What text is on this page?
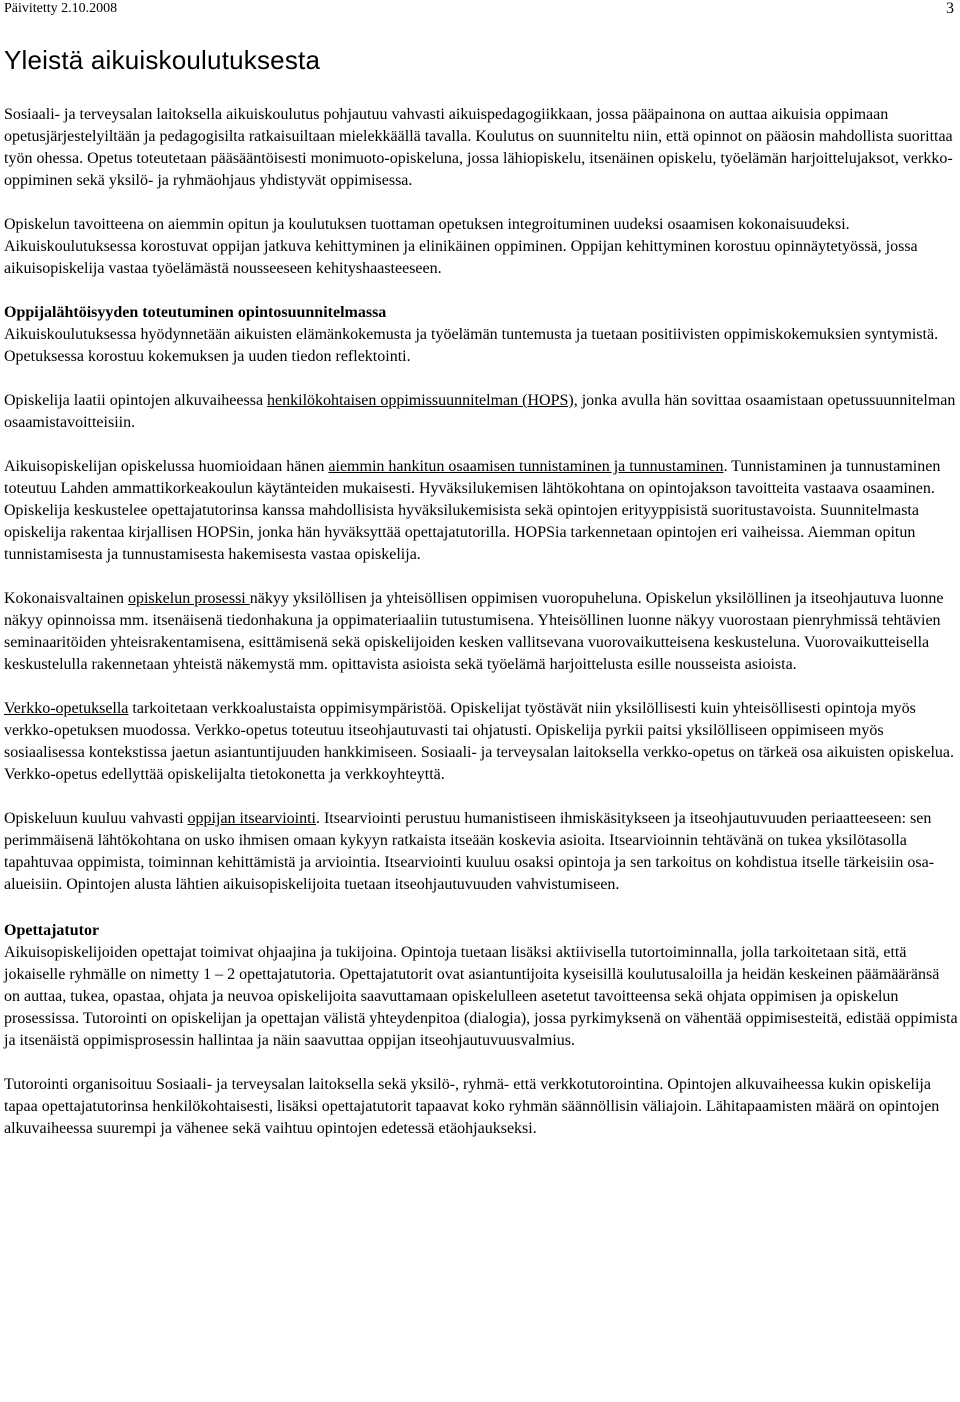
Päivitetty 2.10.2008	3
Yleistä aikuiskoulutuksesta

Sosiaali- ja terveysalan laitoksella aikuiskoulutus pohjautuu vahvasti aikuispedagogiikkaan, jossa pääpainona on auttaa aikuisia oppimaan opetusjärjestelyiltään ja pedagogisilta ratkaisuiltaan mielekkäällä tavalla. Koulutus on suunniteltu niin, että opinnot on pääosin mahdollista suorittaa työn ohessa. Opetus toteutetaan pääsääntöisesti monimuoto-opiskeluna, jossa lähiopiskelu, itsenäinen opiskelu, työelämän harjoittelujaksot, verkko-oppiminen sekä yksilö- ja ryhmäohjaus yhdistyvät oppimisessa.

Opiskelun tavoitteena on aiemmin opitun ja koulutuksen tuottaman opetuksen integroituminen uudeksi osaamisen kokonaisuudeksi. Aikuiskoulutuksessa korostuvat oppijan jatkuva kehittyminen ja elinikäinen oppiminen. Oppijan kehittyminen korostuu opinnäytetyössä, jossa aikuisopiskelija vastaa työelämästä nousseeseen kehityshaasteeseen.

Oppijalähtöisyyden toteutuminen opintosuunnitelmassa
Aikuiskoulutuksessa hyödynnetään aikuisten elämänkokemusta ja työelämän tuntemusta ja tuetaan positiivisten oppimiskokemuksien syntymistä. Opetuksessa korostuu kokemuksen ja uuden tiedon reflektointi.

Opiskelija laatii opintojen alkuvaiheessa henkilökohtaisen oppimissuunnitelman (HOPS), jonka avulla hän sovittaa osaamistaan opetussuunnitelman osaamistavoitteisiin.

Aikuisopiskelijan opiskelussa huomioidaan hänen aiemmin hankitun osaamisen tunnistaminen ja tunnustaminen. Tunnistaminen ja tunnustaminen toteutuu Lahden ammattikorkeakoulun käytänteiden mukaisesti. Hyväksilukemisen lähtökohtana on opintojakson tavoitteita vastaava osaaminen. Opiskelija keskustelee opettajatutorinsa kanssa mahdollisista hyväksilukemisista sekä opintojen erityyppisistä suoritustavoista. Suunnitelmasta opiskelija rakentaa kirjallisen HOPSin, jonka hän hyväksyttää opettajatutorilla. HOPSia tarkennetaan opintojen eri vaiheissa. Aiemman opitun tunnistamisesta ja tunnustamisesta hakemisesta vastaa opiskelija.

Kokonaisvaltainen opiskelun prosessi näkyy yksilöllisen ja yhteisöllisen oppimisen vuoropuheluna. Opiskelun yksilöllinen ja itseohjautuva luonne näkyy opinnoissa mm. itsenäisenä tiedonhakuna ja oppimateriaaliin tutustumisena. Yhteisöllinen luonne näkyy vuorostaan pienryhmissä tehtävien seminaaritöiden yhteisrakentamisena, esittämisenä sekä opiskelijoiden kesken vallitsevana vuorovaikutteisena keskusteluna. Vuorovaikutteisella keskustelulla rakennetaan yhteistä näkemystä mm. opittavista asioista sekä työelämä harjoittelusta esille nousseista asioista.

Verkko-opetuksella tarkoitetaan verkkoalustaista oppimisympäristöä. Opiskelijat työstävät niin yksilöllisesti kuin yhteisöllisesti opintoja myös verkko-opetuksen muodossa. Verkko-opetus toteutuu itseohjautuvasti tai ohjatusti. Opiskelija pyrkii paitsi yksilölliseen oppimiseen myös sosiaalisessa kontekstissa jaetun asiantuntijuuden hankkimiseen. Sosiaali- ja terveysalan laitoksella verkko-opetus on tärkeä osa aikuisten opiskelua. Verkko-opetus edellyttää opiskelijalta tietokonetta ja verkkoyhteyttä.

Opiskeluun kuuluu vahvasti oppijan itsearviointi. Itsearviointi perustuu humanistiseen ihmiskäsitykseen ja itseohjautuvuuden periaatteeseen: sen perimmäisenä lähtökohtana on usko ihmisen omaan kykyyn ratkaista itseään koskevia asioita. Itsearvioinnin tehtävänä on tukea yksilötasolla tapahtuvaa oppimista, toiminnan kehittämistä ja arviointia. Itsearviointi kuuluu osaksi opintoja ja sen tarkoitus on kohdistua itselle tärkeisiin osa-alueisiin. Opintojen alusta lähtien aikuisopiskelijoita tuetaan itseohjautuvuuden vahvistumiseen.

Opettajatutor
Aikuisopiskelijoiden opettajat toimivat ohjaajina ja tukijoina. Opintoja tuetaan lisäksi aktiivisella tutortoiminnalla, jolla tarkoitetaan sitä, että jokaiselle ryhmälle on nimetty 1 – 2 opettajatutoria. Opettajatutorit ovat asiantuntijoita kyseisillä koulutusaloilla ja heidän keskeinen päämääränsä on auttaa, tukea, opastaa, ohjata ja neuvoa opiskelijoita saavuttamaan opiskelulleen asetetut tavoitteensa sekä ohjata oppimisen ja opiskelun prosessissa. Tutorointi on opiskelijan ja opettajan välistä yhteydenpitoa (dialogia), jossa pyrkimyksenä on vähentää oppimisesteitä, edistää oppimista ja itsenäistä oppimisprosessin hallintaa ja näin saavuttaa oppijan itseohjautuvuusvalmius.

Tutorointi organisoituu Sosiaali- ja terveysalan laitoksella sekä yksilö-, ryhmä- että verkkotutorointina. Opintojen alkuvaiheessa kukin opiskelija tapaa opettajatutorinsa henkilökohtaisesti, lisäksi opettajatutorit tapaavat koko ryhmän säännöllisin väliajoin. Lähitapaamisten määrä on opintojen alkuvaiheessa suurempi ja vähenee sekä vaihtuu opintojen edetessä etäohjaukseksi.
